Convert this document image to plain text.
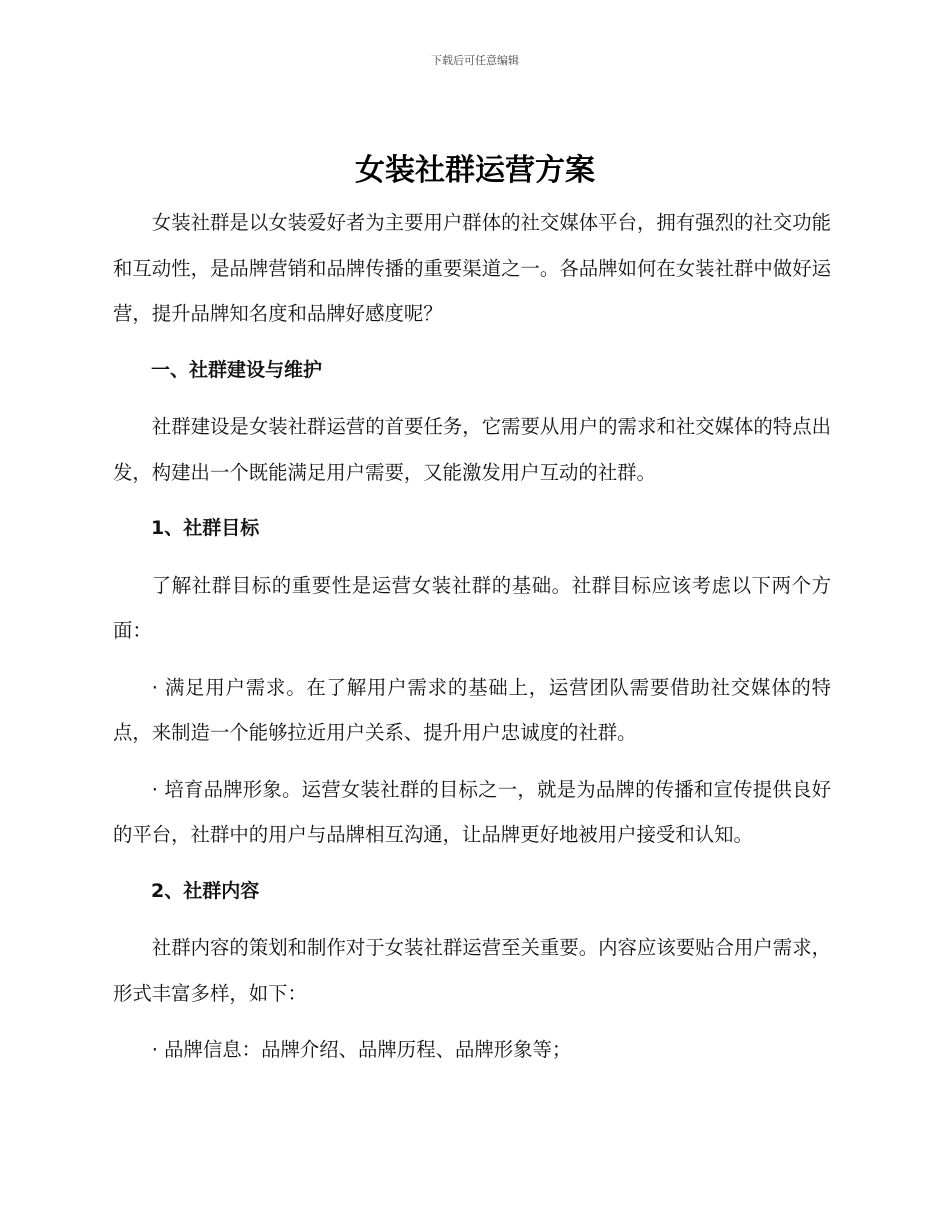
下载后可任意编辑
女装社群运营方案

女装社群是以女装爱好者为主要用户群体的社交媒体平台，拥有强烈的社交功能和互动性，是品牌营销和品牌传播的重要渠道之一。各品牌如何在女装社群中做好运营，提升品牌知名度和品牌好感度呢？

一、社群建设与维护

社群建设是女装社群运营的首要任务，它需要从用户的需求和社交媒体的特点出发，构建出一个既能满足用户需要，又能激发用户互动的社群。

1、社群目标

了解社群目标的重要性是运营女装社群的基础。社群目标应该考虑以下两个方面：

· 满足用户需求。在了解用户需求的基础上，运营团队需要借助社交媒体的特点，来制造一个能够拉近用户关系、提升用户忠诚度的社群。

· 培育品牌形象。运营女装社群的目标之一，就是为品牌的传播和宣传提供良好的平台，社群中的用户与品牌相互沟通，让品牌更好地被用户接受和认知。

2、社群内容

社群内容的策划和制作对于女装社群运营至关重要。内容应该要贴合用户需求，形式丰富多样，如下：

· 品牌信息：品牌介绍、品牌历程、品牌形象等；
